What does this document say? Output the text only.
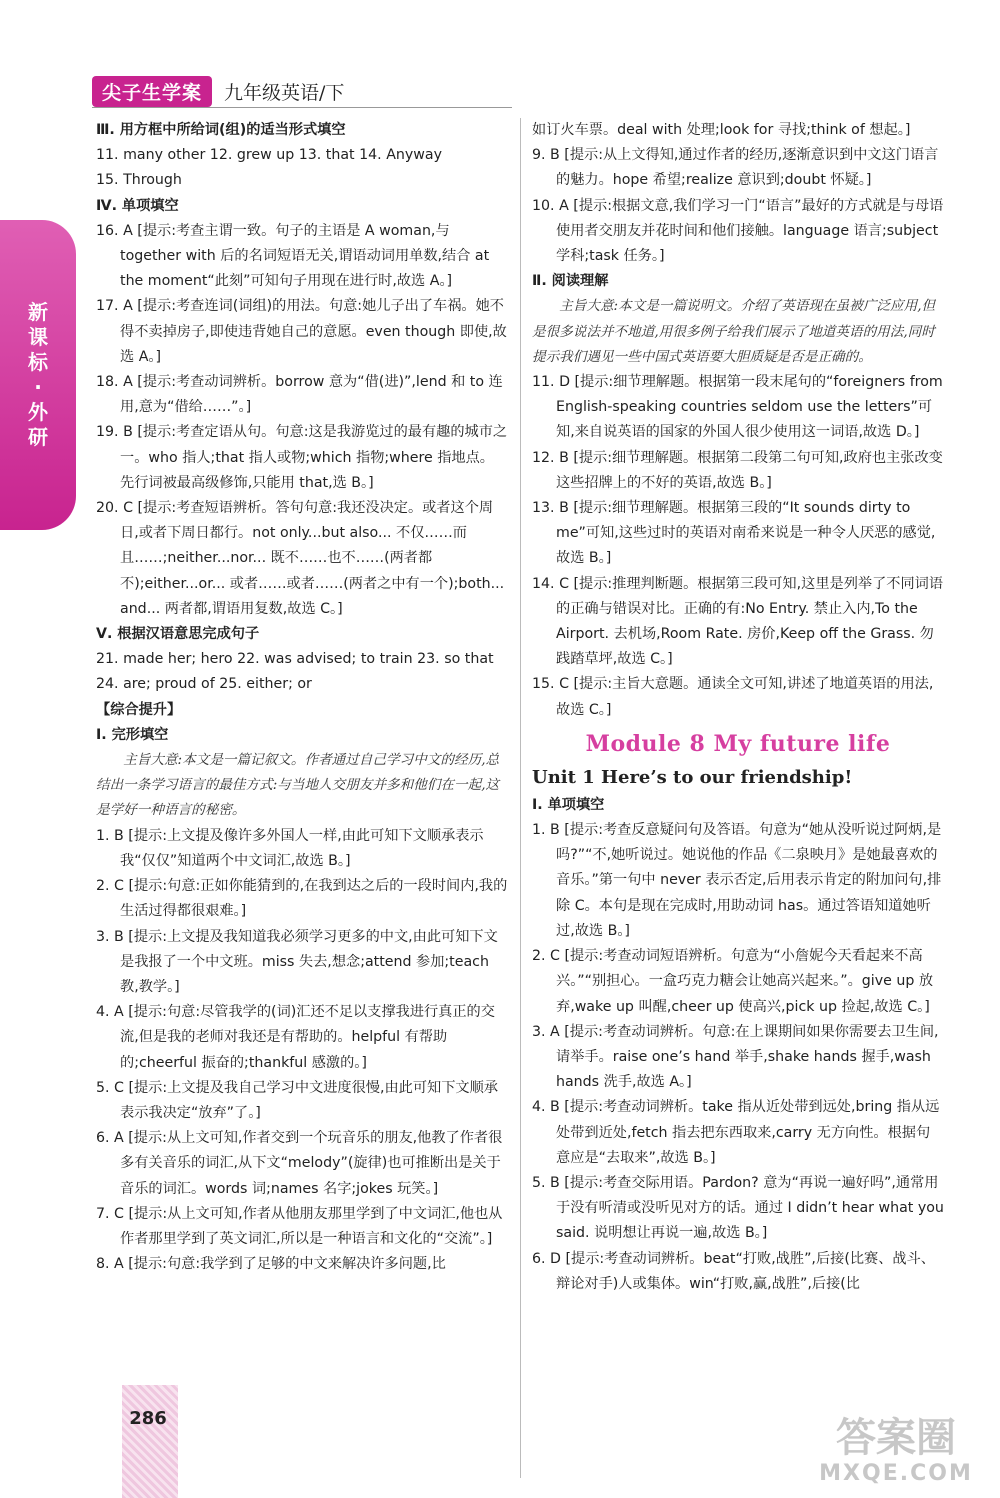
尖子生学案	九年级英语/下
新
课
标
·
外
研
Ⅲ. 用方框中所给词(组)的适当形式填空
11. many other 12. grew up 13. that 14. Anyway
15. Through
Ⅳ. 单项填空
16. A [提示:考查主谓一致。句子的主语是 A woman,与 together with 后的名词短语无关,谓语动词用单数,结合 at the moment“此刻”可知句子用现在进行时,故选 A。]
17. A [提示:考查连词(词组)的用法。句意:她儿子出了车祸。她不得不卖掉房子,即使违背她自己的意愿。even though 即使,故选 A。]
18. A [提示:考查动词辨析。borrow 意为“借(进)”,lend 和 to 连用,意为“借给……”。]
19. B [提示:考查定语从句。句意:这是我游览过的最有趣的城市之一。who 指人;that 指人或物;which 指物;where 指地点。先行词被最高级修饰,只能用 that,选 B。]
20. C [提示:考查短语辨析。答句句意:我还没决定。或者这个周日,或者下周日都行。not only...but also... 不仅……而且……;neither...nor... 既不……也不……(两者都不);either...or... 或者……或者……(两者之中有一个);both... and... 两者都,谓语用复数,故选 C。]
Ⅴ. 根据汉语意思完成句子
21. made her; hero 22. was advised; to train 23. so that
24. are; proud of 25. either; or
【综合提升】
Ⅰ. 完形填空
主旨大意:本文是一篇记叙文。作者通过自己学习中文的经历,总结出一条学习语言的最佳方式:与当地人交朋友并多和他们在一起,这是学好一种语言的秘密。
1. B [提示:上文提及像许多外国人一样,由此可知下文顺承表示我“仅仅”知道两个中文词汇,故选 B。]
2. C [提示:句意:正如你能猜到的,在我到达之后的一段时间内,我的生活过得都很艰难。]
3. B [提示:上文提及我知道我必须学习更多的中文,由此可知下文是我报了一个中文班。miss 失去,想念;attend 参加;teach 教,教学。]
4. A [提示:句意:尽管我学的(词)汇还不足以支撑我进行真正的交流,但是我的老师对我还是有帮助的。helpful 有帮助的;cheerful 振奋的;thankful 感激的。]
5. C [提示:上文提及我自己学习中文进度很慢,由此可知下文顺承表示我决定“放弃”了。]
6. A [提示:从上文可知,作者交到一个玩音乐的朋友,他教了作者很多有关音乐的词汇,从下文“melody”(旋律)也可推断出是关于音乐的词汇。words 词;names 名字;jokes 玩笑。]
7. C [提示:从上文可知,作者从他朋友那里学到了中文词汇,他也从作者那里学到了英文词汇,所以是一种语言和文化的“交流”。]
8. A [提示:句意:我学到了足够的中文来解决许多问题,比
如订火车票。deal with 处理;look for 寻找;think of 想起。]
9. B [提示:从上文得知,通过作者的经历,逐渐意识到中文这门语言的魅力。hope 希望;realize 意识到;doubt 怀疑。]
10. A [提示:根据文意,我们学习一门“语言”最好的方式就是与母语使用者交朋友并花时间和他们接触。language 语言;subject 学科;task 任务。]
Ⅱ. 阅读理解
主旨大意:本文是一篇说明文。介绍了英语现在虽被广泛应用,但是很多说法并不地道,用很多例子给我们展示了地道英语的用法,同时提示我们遇见一些中国式英语要大胆质疑是否是正确的。
11. D [提示:细节理解题。根据第一段末尾句的“foreigners from English-speaking countries seldom use the letters”可知,来自说英语的国家的外国人很少使用这一词语,故选 D。]
12. B [提示:细节理解题。根据第二段第二句可知,政府也主张改变这些招牌上的不好的英语,故选 B。]
13. B [提示:细节理解题。根据第三段的“It sounds dirty to me”可知,这些过时的英语对南希来说是一种令人厌恶的感觉,故选 B。]
14. C [提示:推理判断题。根据第三段可知,这里是列举了不同词语的正确与错误对比。正确的有:No Entry. 禁止入内,To the Airport. 去机场,Room Rate. 房价,Keep off the Grass. 勿践踏草坪,故选 C。]
15. C [提示:主旨大意题。通读全文可知,讲述了地道英语的用法,故选 C。]
Module 8 My future life
Unit 1 Here’s to our friendship!
Ⅰ. 单项填空
1. B [提示:考查反意疑问句及答语。句意为“她从没听说过阿炳,是吗?”“不,她听说过。她说他的作品《二泉映月》是她最喜欢的音乐。”第一句中 never 表示否定,后用表示肯定的附加问句,排除 C。本句是现在完成时,用助动词 has。通过答语知道她听过,故选 B。]
2. C [提示:考查动词短语辨析。句意为“小詹妮今天看起来不高兴。”“别担心。一盒巧克力糖会让她高兴起来。”。give up 放弃,wake up 叫醒,cheer up 使高兴,pick up 捡起,故选 C。]
3. A [提示:考查动词辨析。句意:在上课期间如果你需要去卫生间,请举手。raise one’s hand 举手,shake hands 握手,wash hands 洗手,故选 A。]
4. B [提示:考查动词辨析。take 指从近处带到远处,bring 指从远处带到近处,fetch 指去把东西取来,carry 无方向性。根据句意应是“去取来”,故选 B。]
5. B [提示:考查交际用语。Pardon? 意为“再说一遍好吗”,通常用于没有听清或没听见对方的话。通过 I didn’t hear what you said. 说明想让再说一遍,故选 B。]
6. D [提示:考查动词辨析。beat“打败,战胜”,后接(比赛、战斗、辩论对手)人或集体。win“打败,赢,战胜”,后接(比
286	答案圈
MXQE.COM
